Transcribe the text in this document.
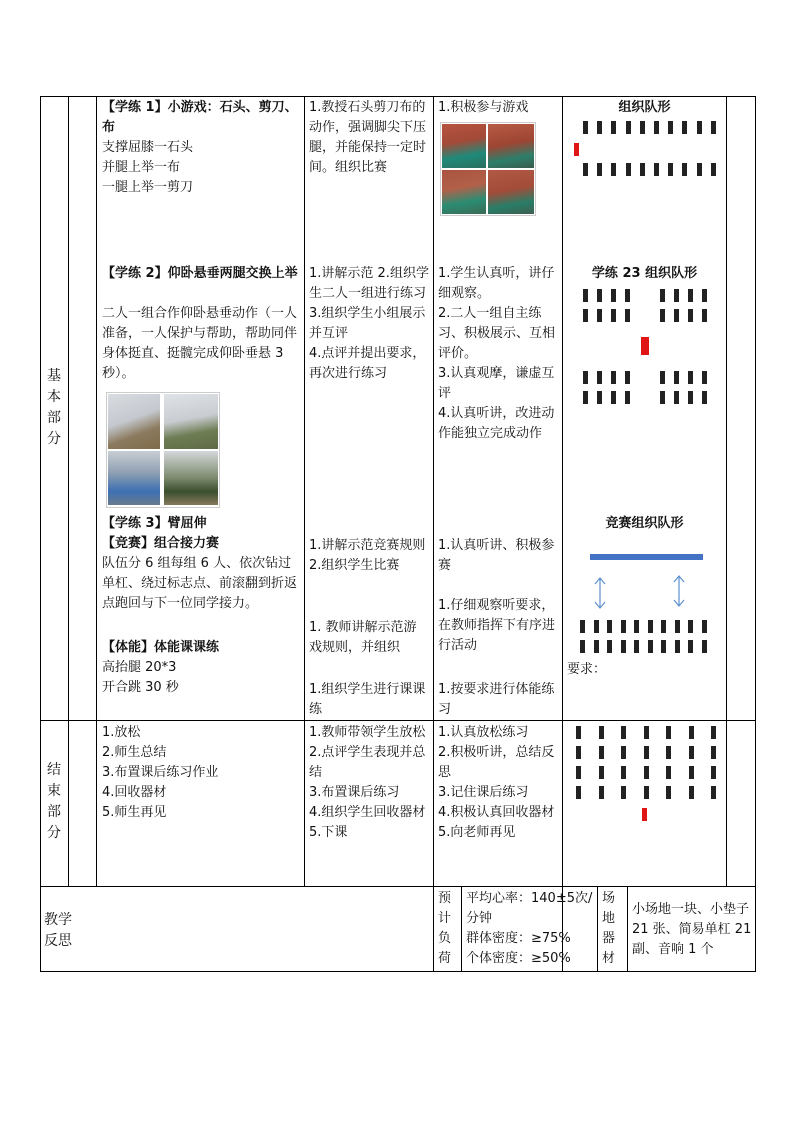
基本部分
结束部分
教学反思
【学练 1】小游戏：石头、剪刀、布
支撑屈膝一石头
并腿上举一布
一腿上举一剪刀
【学练 2】仰卧悬垂两腿交换上举
二人一组合作仰卧悬垂动作（一人准备，一人保护与帮助，帮助同伴身体挺直、挺髋完成仰卧垂悬 3 秒）。
【学练 3】臂屈伸
【竞赛】组合接力赛
队伍分 6 组每组 6 人、依次钻过单杠、绕过标志点、前滚翻到折返点跑回与下一位同学接力。
【体能】体能课课练
高抬腿 20*3
开合跳 30 秒
1.教授石头剪刀布的动作，强调脚尖下压腿，并能保持一定时间。组织比赛
1.讲解示范 2.组织学生二人一组进行练习
3.组织学生小组展示并互评
4.点评并提出要求，再次进行练习
1.讲解示范竞赛规则
2.组织学生比赛
1. 教师讲解示范游戏规则，并组织
1.组织学生进行课课练
1.积极参与游戏
1.学生认真听，讲仔细观察。
2.二人一组自主练习、积极展示、互相评价。
3.认真观摩，谦虚互评
4.认真听讲，改进动作能独立完成动作
1.认真听讲、积极参赛
1.仔细观察听要求，在教师指挥下有序进行活动
1.按要求进行体能练习
组织队形
学练 23 组织队形
竞赛组织队形
要求：
1.放松
2.师生总结
3.布置课后练习作业
4.回收器材
5.师生再见
1.教师带领学生放松
2.点评学生表现并总结
3.布置课后练习
4.组织学生回收器材
5.下课
1.认真放松练习
2.积极听讲，总结反思
3.记住课后练习
4.积极认真回收器材
5.向老师再见
预计负荷
平均心率：140±5次/分钟
群体密度：≥75%
个体密度：≥50%
场地器材
小场地一块、小垫子 21 张、简易单杠 21 副、音响 1 个
